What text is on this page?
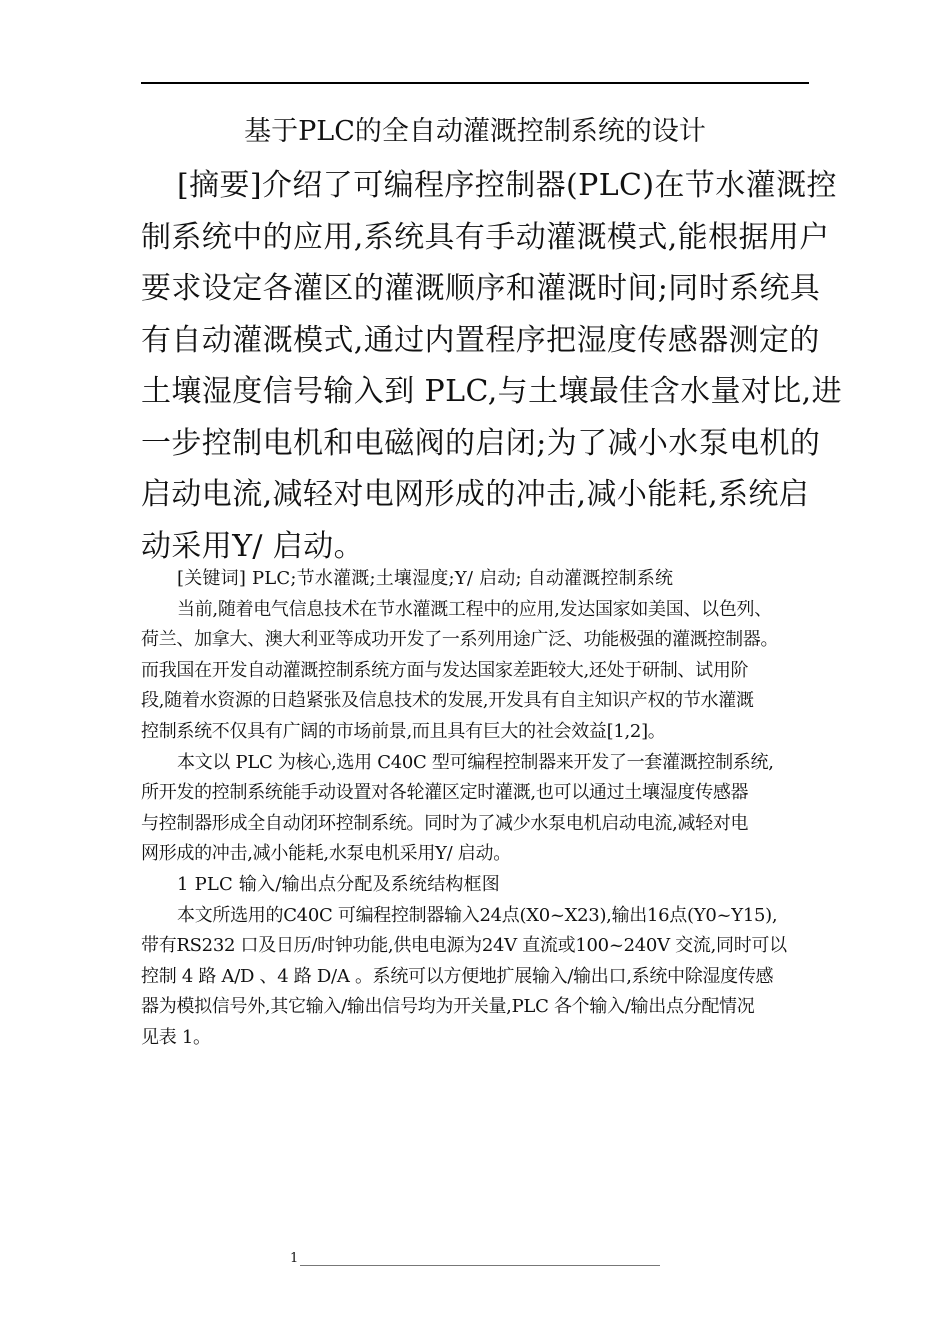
基于PLC的全自动灌溉控制系统的设计
[摘要]介绍了可编程序控制器(PLC)在节水灌溉控
制系统中的应用,系统具有手动灌溉模式,能根据用户
要求设定各灌区的灌溉顺序和灌溉时间;同时系统具
有自动灌溉模式,通过内置程序把湿度传感器测定的
土壤湿度信号输入到 PLC,与土壤最佳含水量对比,进
一步控制电机和电磁阀的启闭;为了减小水泵电机的
启动电流,减轻对电网形成的冲击,减小能耗,系统启
动采用Y/ 启动。
[关键词] PLC;节水灌溉;土壤湿度;Y/ 启动; 自动灌溉控制系统
当前,随着电气信息技术在节水灌溉工程中的应用,发达国家如美国、以色列、
荷兰、加拿大、澳大利亚等成功开发了一系列用途广泛、功能极强的灌溉控制器。
而我国在开发自动灌溉控制系统方面与发达国家差距较大,还处于研制、试用阶
段,随着水资源的日趋紧张及信息技术的发展,开发具有自主知识产权的节水灌溉
控制系统不仅具有广阔的市场前景,而且具有巨大的社会效益[1,2]。
本文以 PLC 为核心,选用 C40C 型可编程控制器来开发了一套灌溉控制系统,
所开发的控制系统能手动设置对各轮灌区定时灌溉,也可以通过土壤湿度传感器
与控制器形成全自动闭环控制系统。同时为了减少水泵电机启动电流,减轻对电
网形成的冲击,减小能耗,水泵电机采用Y/ 启动。
1 PLC 输入/输出点分配及系统结构框图
本文所选用的C40C 可编程控制器输入24点(X0~X23),输出16点(Y0~Y15),
带有RS232 口及日历/时钟功能,供电电源为24V 直流或100~240V 交流,同时可以
控制 4 路 A/D 、4 路 D/A 。系统可以方便地扩展输入/输出口,系统中除湿度传感
器为模拟信号外,其它输入/输出信号均为开关量,PLC 各个输入/输出点分配情况
见表 1。
1
